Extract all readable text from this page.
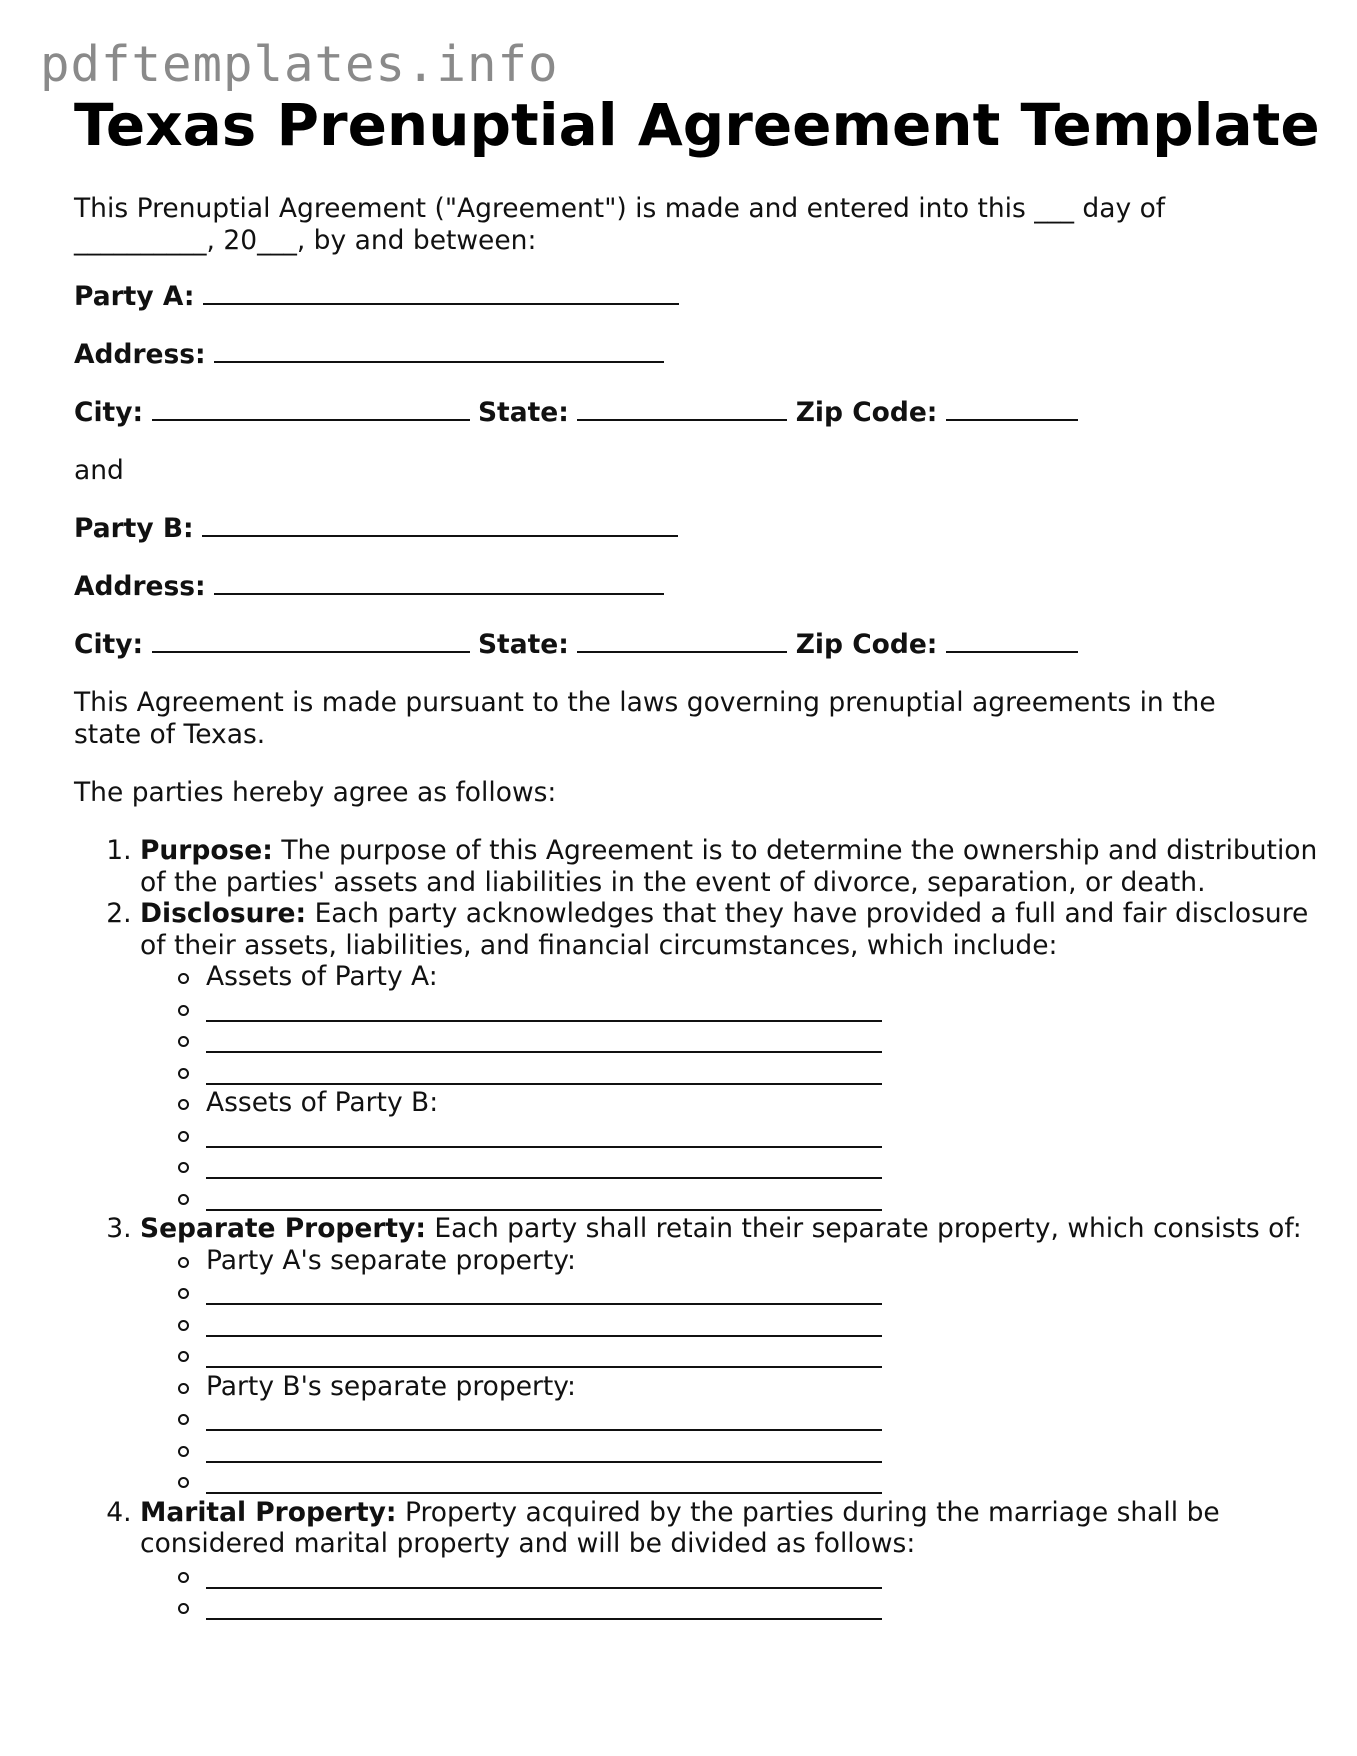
pdftemplates.info
Texas Prenuptial Agreement Template
This Prenuptial Agreement ("Agreement") is made and entered into this ___ day of
__________, 20___, by and between:
Party A:
Address:
City:	State:	Zip Code:
and
Party B:
Address:
City:	State:	Zip Code:
This Agreement is made pursuant to the laws governing prenuptial agreements in the state of Texas.
The parties hereby agree as follows:
1. Purpose: The purpose of this Agreement is to determine the ownership and distribution of the parties' assets and liabilities in the event of divorce, separation, or death.
2. Disclosure: Each party acknowledges that they have provided a full and fair disclosure of their assets, liabilities, and financial circumstances, which include:
Assets of Party A:
Assets of Party B:
3. Separate Property: Each party shall retain their separate property, which consists of:
Party A's separate property:
Party B's separate property:
4. Marital Property: Property acquired by the parties during the marriage shall be considered marital property and will be divided as follows:
